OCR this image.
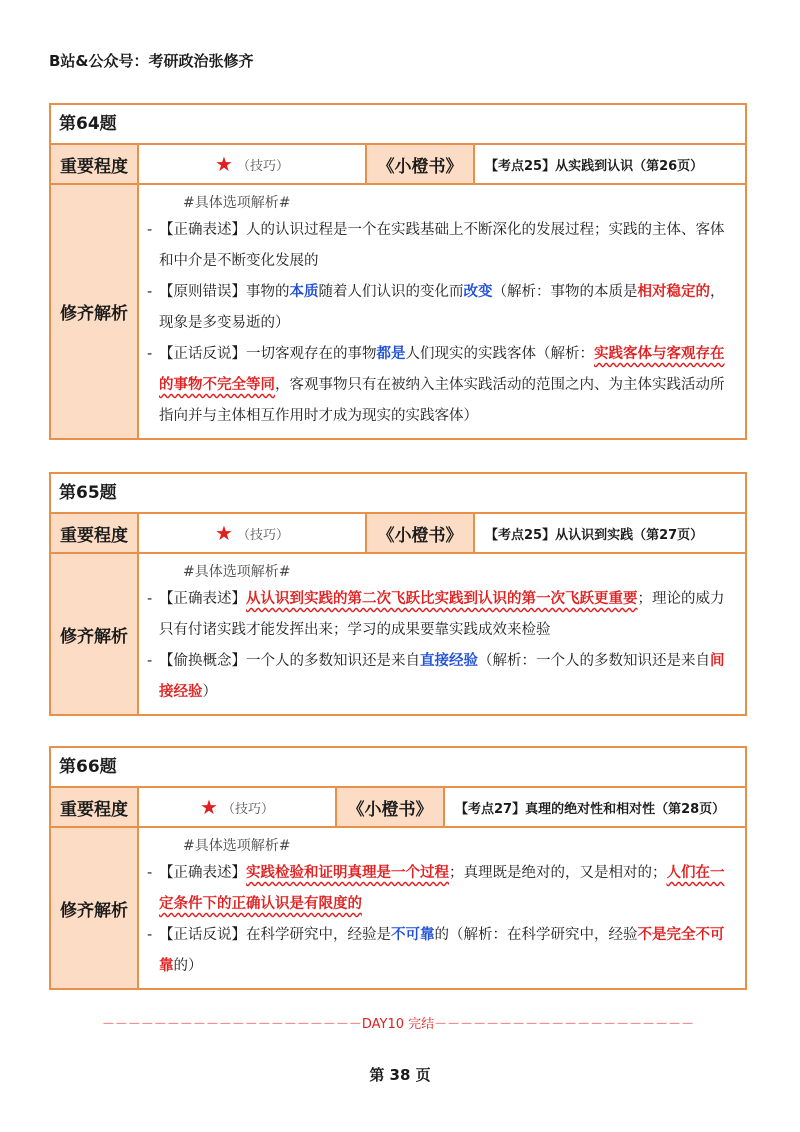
B站&公众号：考研政治张修齐
第64题
重要程度	★ （技巧）	《小橙书》	【考点25】从实践到认识（第26页）
修齐解析
#具体选项解析#
- 【正确表述】人的认识过程是一个在实践基础上不断深化的发展过程；实践的主体、客体和中介是不断变化发展的
- 【原则错误】事物的本质随着人们认识的变化而改变（解析：事物的本质是相对稳定的，现象是多变易逝的）
- 【正话反说】一切客观存在的事物都是人们现实的实践客体（解析：实践客体与客观存在的事物不完全等同，客观事物只有在被纳入主体实践活动的范围之内、为主体实践活动所指向并与主体相互作用时才成为现实的实践客体）
第65题
重要程度	★ （技巧）	《小橙书》	【考点25】从认识到实践（第27页）
修齐解析
#具体选项解析#
- 【正确表述】从认识到实践的第二次飞跃比实践到认识的第一次飞跃更重要；理论的威力只有付诸实践才能发挥出来；学习的成果要靠实践成效来检验
- 【偷换概念】一个人的多数知识还是来自直接经验（解析：一个人的多数知识还是来自间接经验）
第66题
重要程度	★ （技巧）	《小橙书》	【考点27】真理的绝对性和相对性（第28页）
修齐解析
#具体选项解析#
- 【正确表述】实践检验和证明真理是一个过程；真理既是绝对的，又是相对的；人们在一定条件下的正确认识是有限度的
- 【正话反说】在科学研究中，经验是不可靠的（解析：在科学研究中，经验不是完全不可靠的）
－－－－－－－－－－－－－－－－－－－－DAY10 完结－－－－－－－－－－－－－－－－－－－－
第 38 页
